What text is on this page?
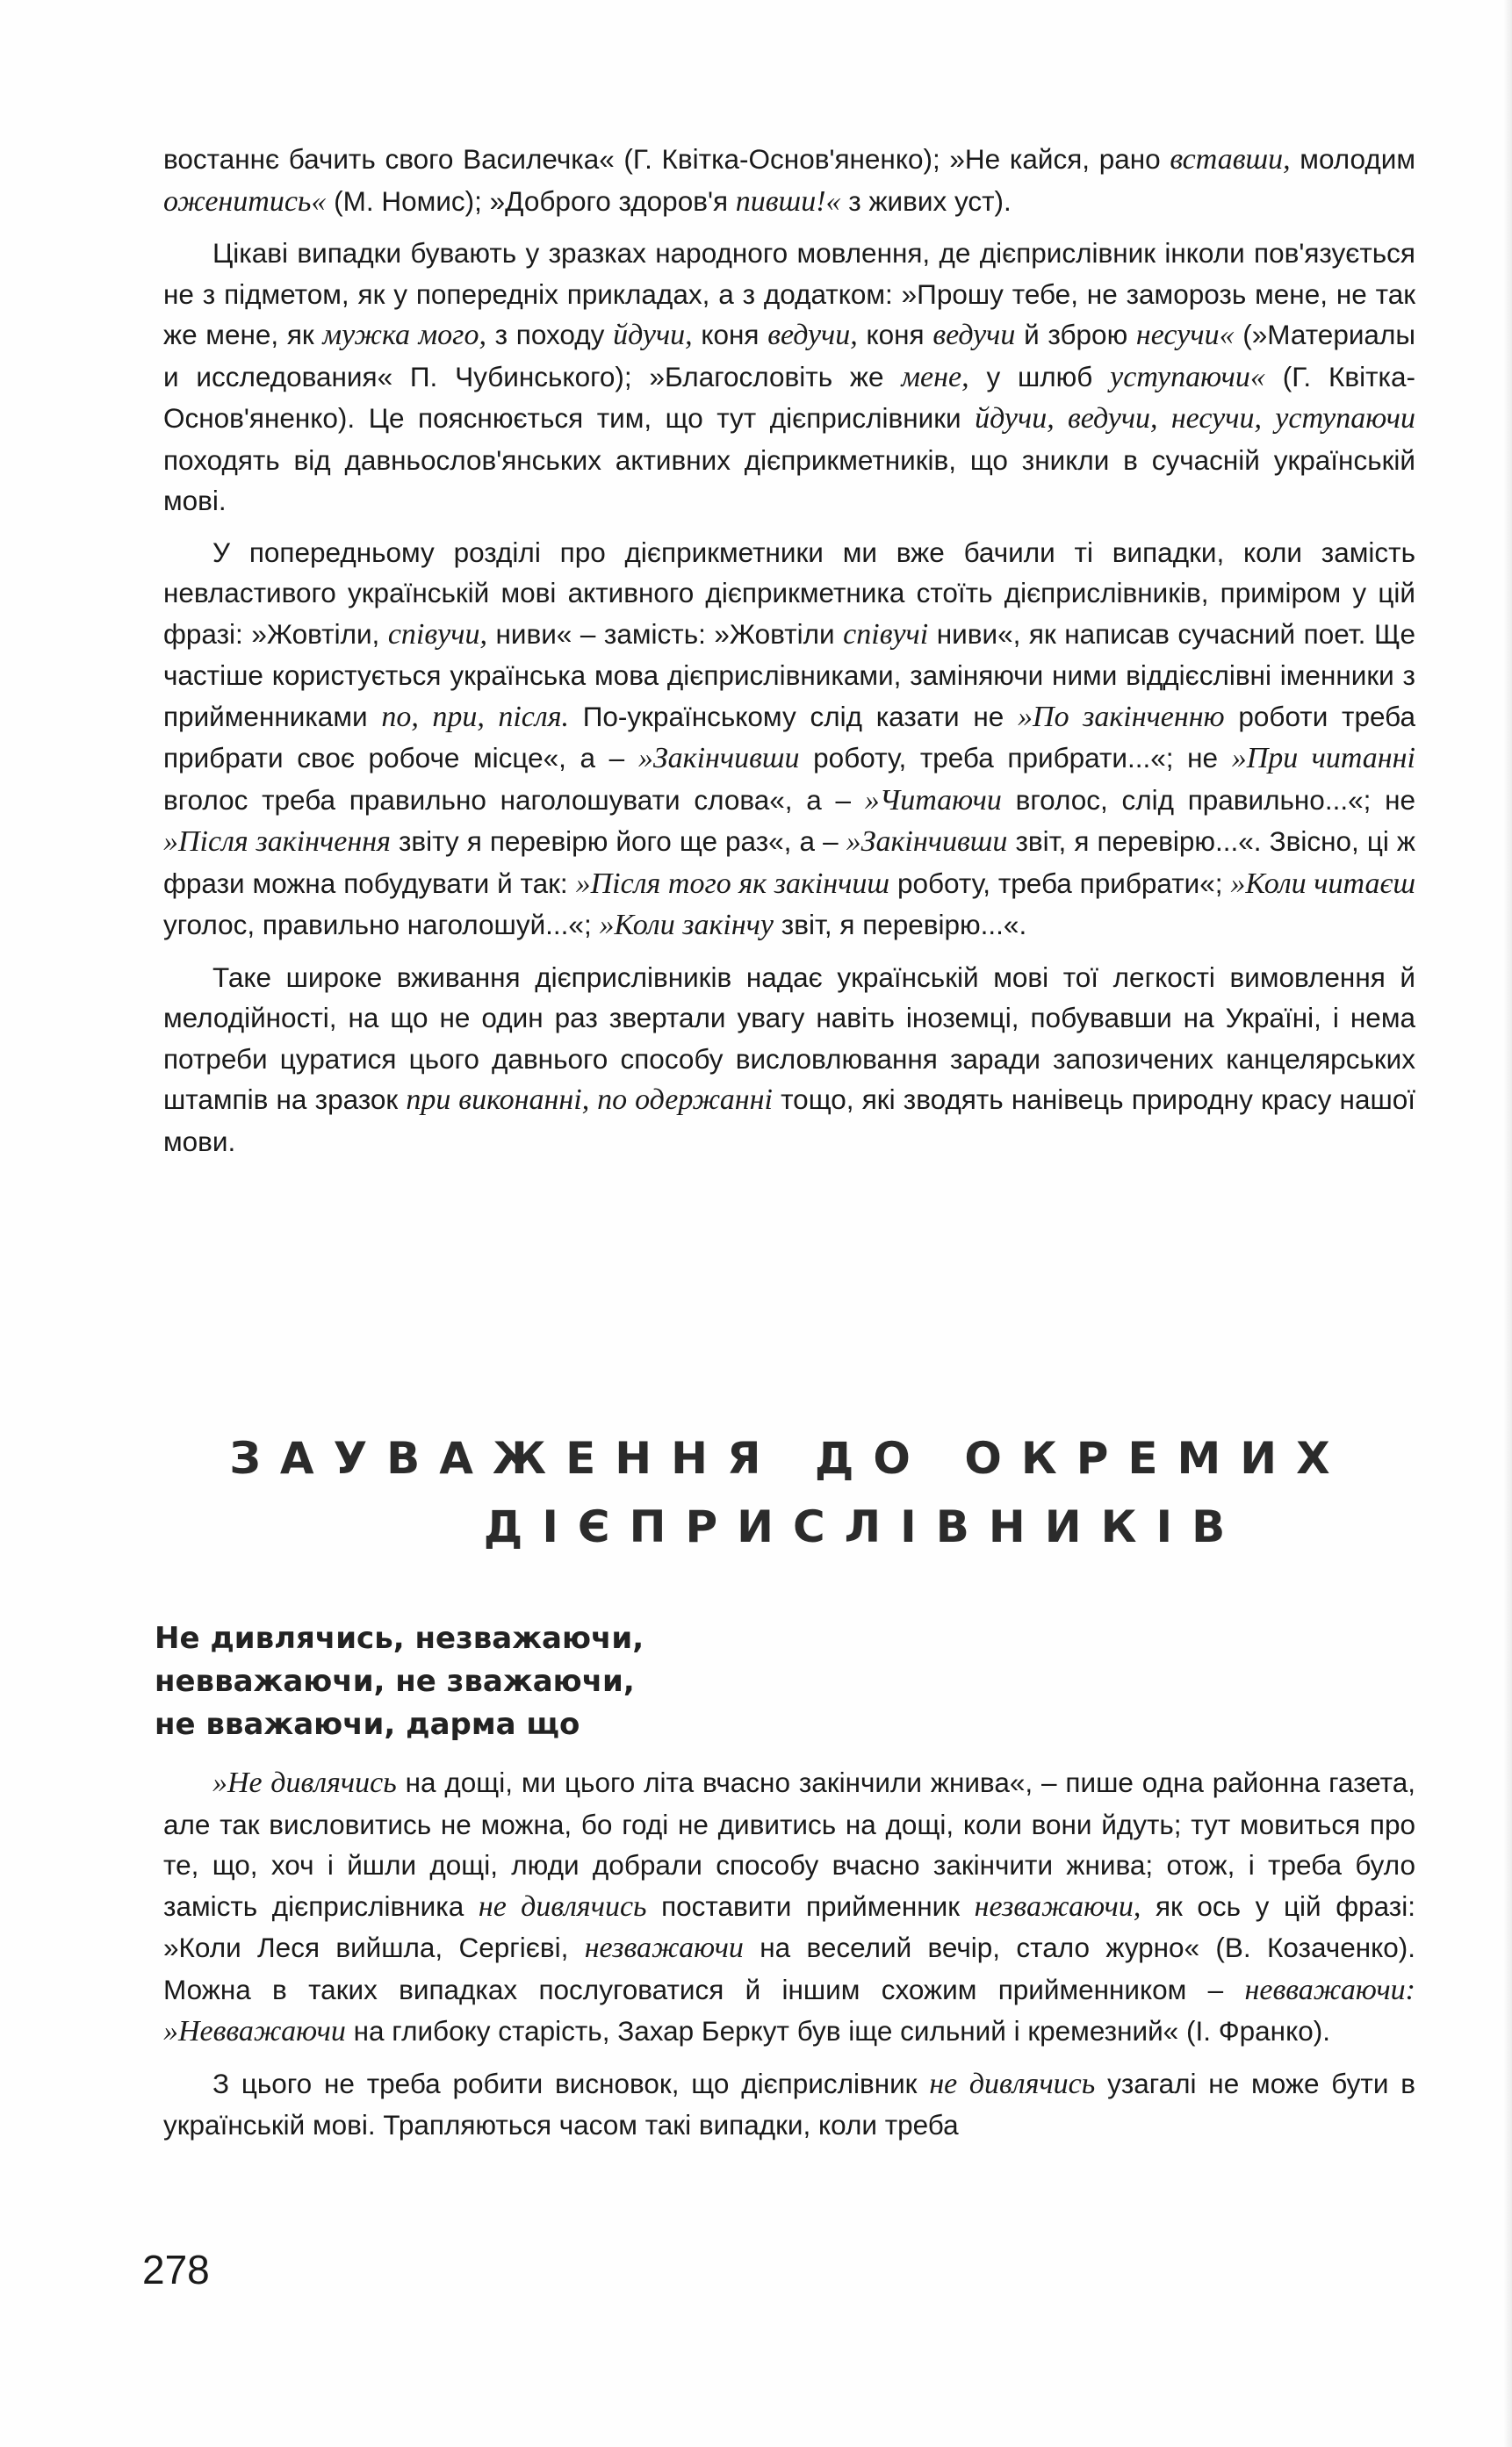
востаннє бачить свого Василечка« (Г. Квітка-Основ'яненко); »Не кайся, рано вставши, молодим оженитись« (М. Номис); »Доброго здоров'я пивши!« з живих уст).

Цікаві випадки бувають у зразках народного мовлення, де дієприслівник інколи пов'язується не з підметом, як у попередніх прикладах, а з додатком: »Прошу тебе, не заморозь мене, не так же мене, як мужка мого, з походу йдучи, коня ведучи, коня ведучи й зброю несучи« (»Материалы и исследования« П. Чубинського); »Благословіть же мене, у шлюб уступаючи« (Г. Квітка-Основ'яненко). Це пояснюється тим, що тут дієприслівники йдучи, ведучи, несучи, уступаючи походять від давньослов'янських активних дієприкметників, що зникли в сучасній українській мові.

У попередньому розділі про дієприкметники ми вже бачили ті випадки, коли замість невластивого українській мові активного дієприкметника стоїть дієприслівників, приміром у цій фразі: »Жовтіли, співучи, ниви« – замість: »Жовтіли співучі ниви«, як написав сучасний поет. Ще частіше користується українська мова дієприслівниками, заміняючи ними віддієслівні іменники з прийменниками по, при, після. По-українському слід казати не »По закінченню роботи треба прибрати своє робоче місце«, а – »Закінчивши роботу, треба прибрати...«; не »При читанні вголос треба правильно наголошувати слова«, а – »Читаючи вголос, слід правильно...«; не »Після закінчення звіту я перевірю його ще раз«, а – »Закінчивши звіт, я перевірю...«. Звісно, ці ж фрази можна побудувати й так: »Після того як закінчиш роботу, треба прибрати«; »Коли читаєш уголос, правильно наголошуй...«; »Коли закінчу звіт, я перевірю...«.

Таке широке вживання дієприслівників надає українській мові тої легкості вимовлення й мелодійності, на що не один раз звертали увагу навіть іноземці, побувавши на Україні, і нема потреби цуратися цього давнього способу висловлювання заради запозичених канцелярських штампів на зразок при виконанні, по одержанні тощо, які зводять нанівець природну красу нашої мови.

ЗАУВАЖЕННЯ ДО ОКРЕМИХ
ДІЄПРИСЛІВНИКІВ
Не дивлячись, незважаючи,
невважаючи, не зважаючи,
не вважаючи, дарма що

»Не дивлячись на дощі, ми цього літа вчасно закінчили жнива«, – пише одна районна газета, але так висловитись не можна, бо годі не дивитись на дощі, коли вони йдуть; тут мовиться про те, що, хоч і йшли дощі, люди добрали способу вчасно закінчити жнива; отож, і треба було замість дієприслівника не дивлячись поставити прийменник незважаючи, як ось у цій фразі: »Коли Леся вийшла, Сергієві, незважаючи на веселий вечір, стало журно« (В. Козаченко). Можна в таких випадках послуговатися й іншим схожим прийменником – невважаючи: »Невважаючи на глибоку старість, Захар Беркут був іще сильний і кремезний« (І. Франко).

З цього не треба робити висновок, що дієприслівник не дивлячись узагалі не може бути в українській мові. Трапляються часом такі випадки, коли треба

278
